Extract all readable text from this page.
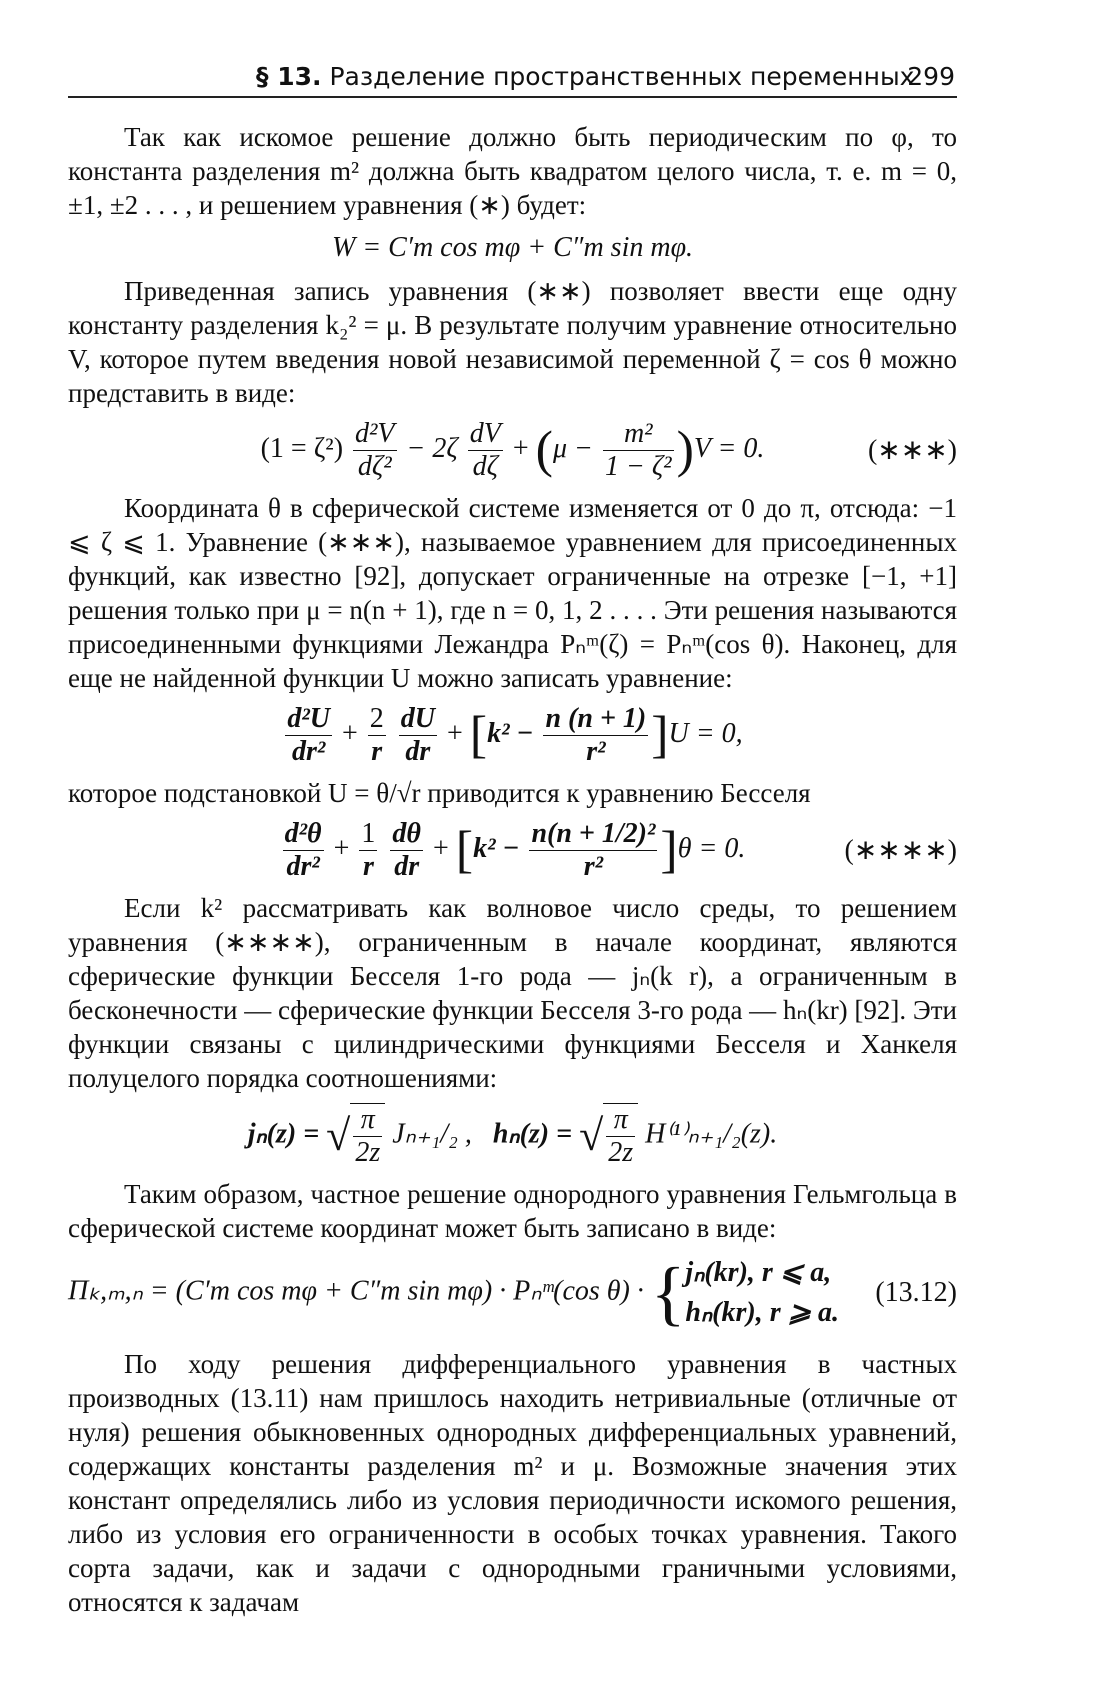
§ 13. Разделение пространственных переменных
299

Так как искомое решение должно быть периодическим по φ, то константа разделения m² должна быть квадратом целого числа, т. е. m = 0, ±1, ±2 . . . , и решением уравнения (∗) будет:

W = C′m cos mφ + C″m sin mφ.

Приведенная запись уравнения (∗∗) позволяет ввести еще одну константу разделения k₂² = μ. В результате получим уравнение относительно V, которое путем введения новой независимой переменной ζ = cos θ можно представить в виде:

$(1 = \zeta^2) \frac{\text{d²V}}{\text{dζ²}} - 2\zeta \frac{dV}{d\zeta} + (\mu - \frac{\text{m²}}{\text{1 − ζ²}} )V = 0$.	(∗∗∗)

Координата θ в сферической системе изменяется от 0 до π, отсюда: −1 ⩽ ζ ⩽ 1. Уравнение (∗∗∗), называемое уравнением для присоединенных функций, как известно [92], допускает ограниченные на отрезке [−1, +1] решения только при μ = n(n + 1), где n = 0, 1, 2 . . . . Эти решения называются присоединенными функциями Лежандра Pₙᵐ(ζ) = Pₙᵐ(cos θ). Наконец, для еще не найденной функции U можно записать уравнение:

$\frac{\text{d²U}}{\text{dr²}} + \frac{2}{r}$
$\frac{dU}{dr} + [k^2 - \frac{n (n + 1)}{\text{r²}} ]U = 0$,

которое подстановкой U = θ/√r приводится к уравнению Бесселя

$\frac{\text{d²θ}}{\text{dr²}} + \frac{1}{r}$
$\frac{d\theta}{dr} + [k^2 - \frac{\text{n(n + 1/2)²}}{\text{r²}} ]\theta = 0$.	(∗∗∗∗)

Если k² рассматривать как волновое число среды, то решением уравнения (∗∗∗∗), ограниченным в начале координат, являются сферические функции Бесселя 1-го рода — jₙ(k r), а ограниченным в бесконечности — сферические функции Бесселя 3-го рода — hₙ(kr) [92]. Эти функции связаны с цилиндрическими функциями Бесселя и Ханкеля полуцелого порядка соотношениями:

jₙ(z) = √ $\frac{\pi}{2z} J_{n+1}/_2$ , hₙ(z) = √ $\frac{\pi}{2z} H^{(1)}_{n+1}/_2(z)$.

Таким образом, частное решение однородного уравнения Гельмгольца в сферической системе координат может быть записано в виде:

Πₖ,ₘ,ₙ = (C′m cos mφ + C″m sin mφ) · Pₙᵐ(cos θ) · { jₙ(kr), r ⩽ a,
hₙ(kr), r ⩾ a.
(13.12)

По ходу решения дифференциального уравнения в частных производных (13.11) нам пришлось находить нетривиальные (отличные от нуля) решения обыкновенных однородных дифференциальных уравнений, содержащих константы разделения m² и μ. Возможные значения этих констант определялись либо из условия периодичности искомого решения, либо из условия его ограниченности в особых точках уравнения. Такого сорта задачи, как и задачи с однородными граничными условиями, относятся к задачам
